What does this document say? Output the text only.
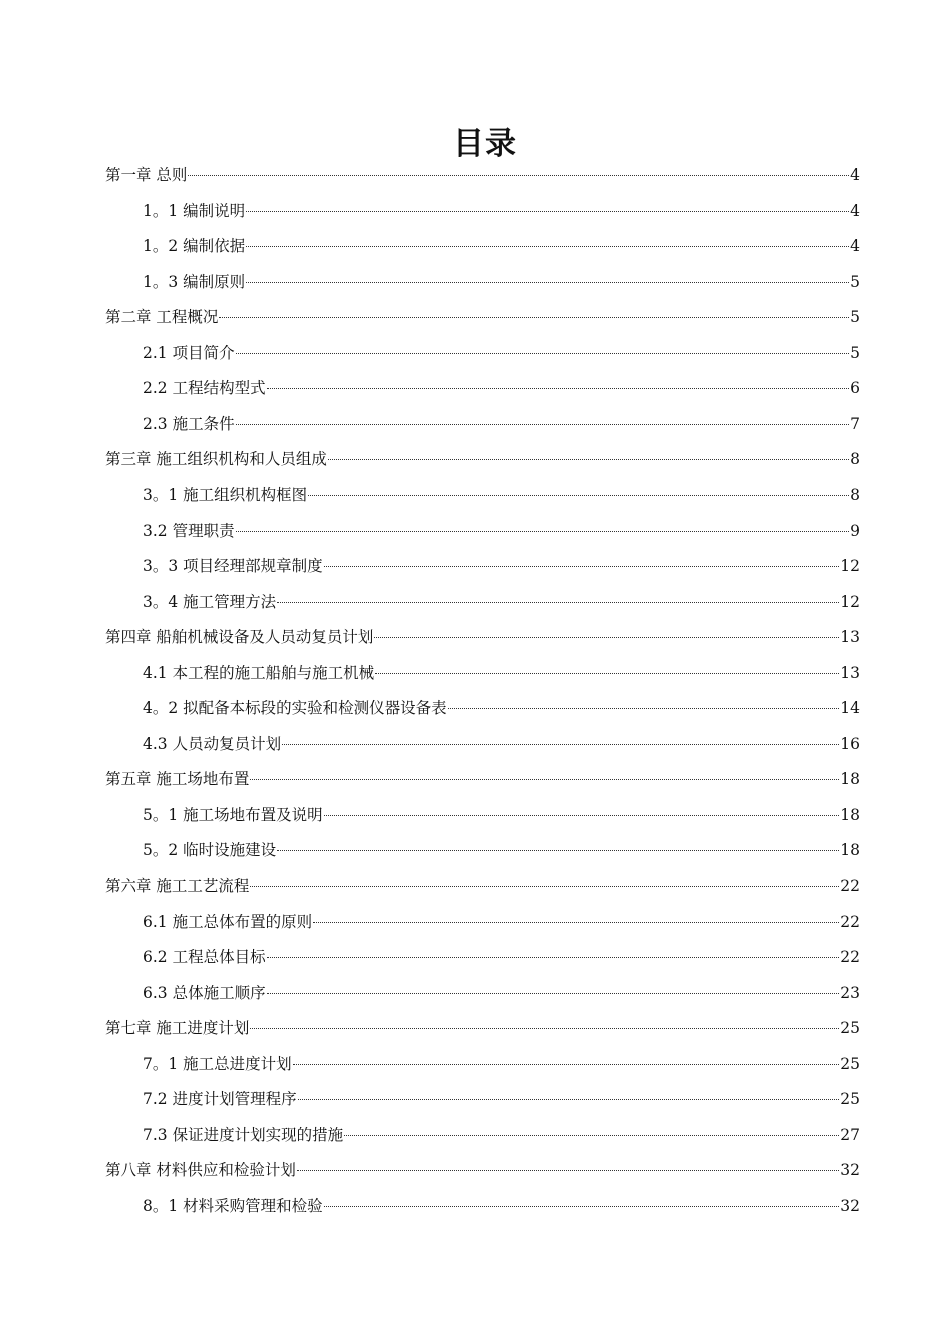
目录
第一章 总则	4
1。1 编制说明	4
1。2 编制依据	4
1。3 编制原则	5
第二章 工程概况	5
2.1 项目简介	5
2.2 工程结构型式	6
2.3 施工条件	7
第三章 施工组织机构和人员组成	8
3。1 施工组织机构框图	8
3.2 管理职责	9
3。3 项目经理部规章制度	12
3。4 施工管理方法	12
第四章 船舶机械设备及人员动复员计划	13
4.1 本工程的施工船舶与施工机械	13
4。2 拟配备本标段的实验和检测仪器设备表	14
4.3 人员动复员计划	16
第五章 施工场地布置	18
5。1 施工场地布置及说明	18
5。2 临时设施建设	18
第六章 施工工艺流程	22
6.1 施工总体布置的原则	22
6.2 工程总体目标	22
6.3 总体施工顺序	23
第七章 施工进度计划	25
7。1 施工总进度计划	25
7.2 进度计划管理程序	25
7.3 保证进度计划实现的措施	27
第八章 材料供应和检验计划	32
8。1 材料采购管理和检验	32
